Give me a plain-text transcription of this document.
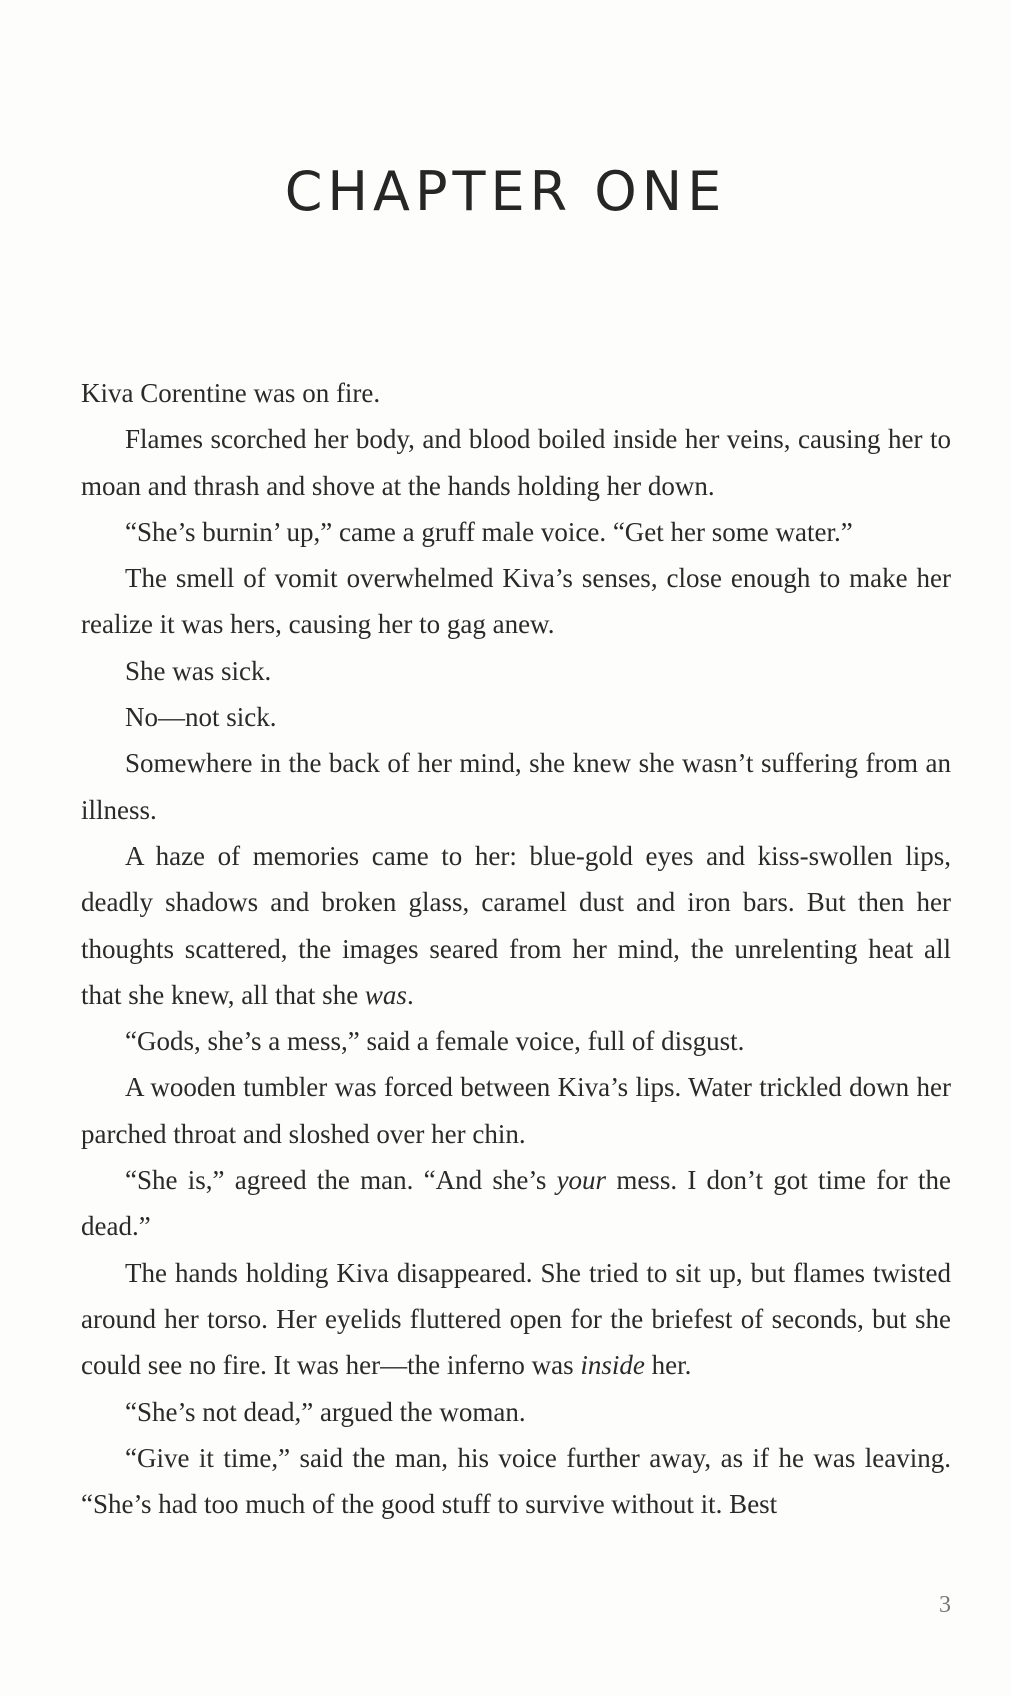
CHAPTER ONE

Kiva Corentine was on fire.

Flames scorched her body, and blood boiled inside her veins, causing her to moan and thrash and shove at the hands holding her down.

“She’s burnin’ up,” came a gruff male voice. “Get her some water.”

The smell of vomit overwhelmed Kiva’s senses, close enough to make her realize it was hers, causing her to gag anew.

She was sick.

No—not sick.

Somewhere in the back of her mind, she knew she wasn’t suffering from an illness.

A haze of memories came to her: blue-gold eyes and kiss-swollen lips, deadly shadows and broken glass, caramel dust and iron bars. But then her thoughts scattered, the images seared from her mind, the unrelenting heat all that she knew, all that she was.

“Gods, she’s a mess,” said a female voice, full of disgust.

A wooden tumbler was forced between Kiva’s lips. Water trickled down her parched throat and sloshed over her chin.

“She is,” agreed the man. “And she’s your mess. I don’t got time for the dead.”

The hands holding Kiva disappeared. She tried to sit up, but flames twisted around her torso. Her eyelids fluttered open for the briefest of seconds, but she could see no fire. It was her—the inferno was inside her.

“She’s not dead,” argued the woman.

“Give it time,” said the man, his voice further away, as if he was leaving. “She’s had too much of the good stuff to survive without it. Best

3
